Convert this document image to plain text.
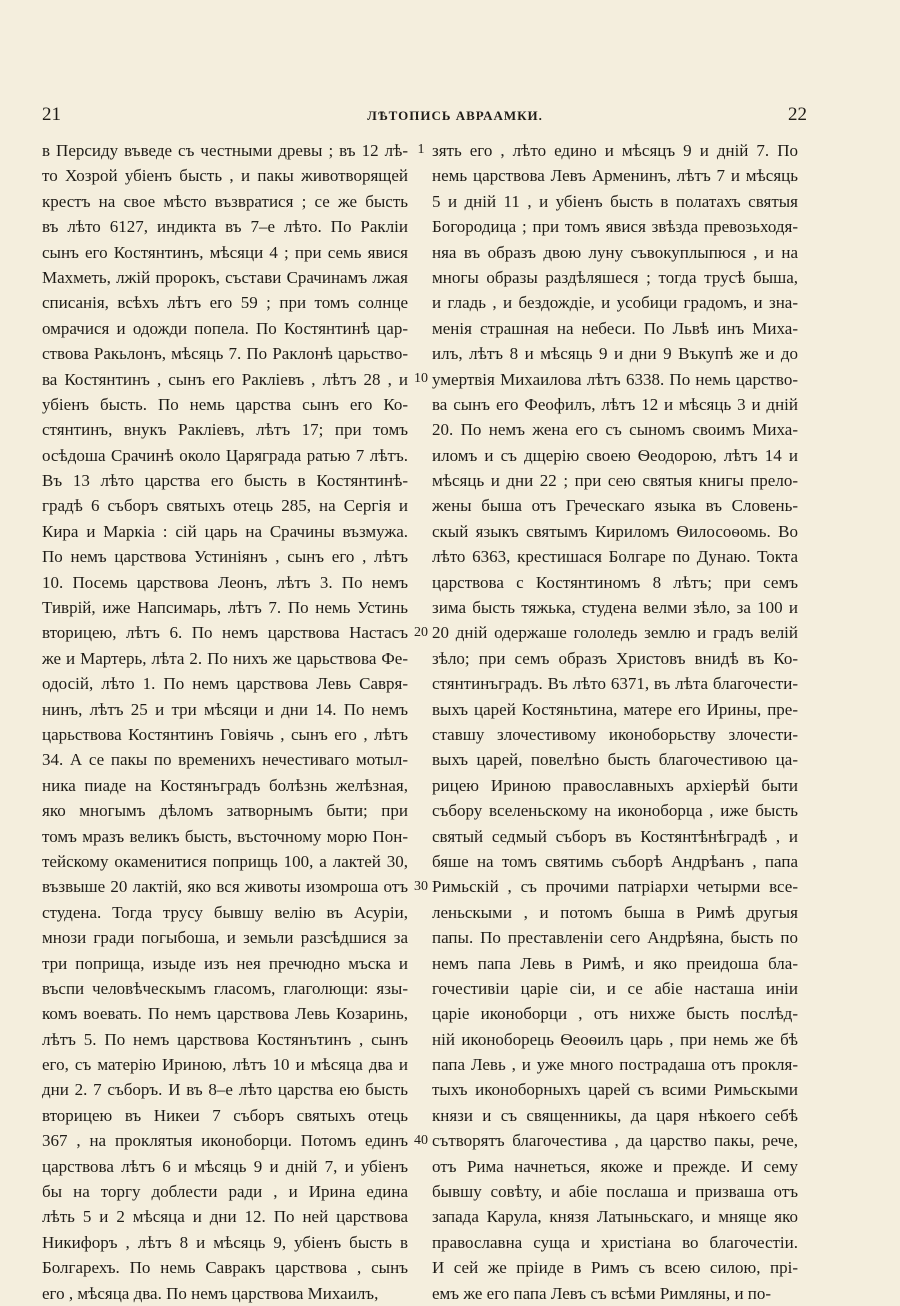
21	ЛѢТОПИСЬ АВРААМКИ.	22
в Персиду въведе съ честными древы ; въ 12 лѣ-
то Хозрой убіенъ бысть , и пакы животворящей
крестъ на свое мѣсто възвратися ; се же бысть
въ лѣто 6127, индикта въ 7–е лѣто. По Ракліи
сынъ его Костянтинъ, мѣсяци 4 ; при семь явися
Махметь, лжій пророкъ, състави Срачинамъ лжая
списанія, всѣхъ лѣтъ его 59 ; при томъ солнце
омрачися и одожди попела. По Костянтинѣ цар-
ствова Ракьлонъ, мѣсяць 7. По Раклонѣ царьство-
ва Костянтинъ , сынъ его Ракліевъ , лѣтъ 28 , и
убіенъ бысть. По немь царства сынъ его Ко-
стянтинъ, внукъ Ракліевъ, лѣтъ 17; при томъ
осѣдоша Срачинѣ около Царяграда ратью 7 лѣтъ.
Въ 13 лѣто царства его бысть в Костянтинѣ-
градѣ 6 съборъ святыхъ отець 285, на Сергія и
Кира и Маркіа : сій царь на Срачины възмужа.
По немъ царствова Устиніянъ , сынъ его , лѣтъ
10. Посемь царствова Леонъ, лѣтъ 3. По немъ
Тиврій, иже Напсимарь, лѣтъ 7. По немь Устинь
вторицею, лѣтъ 6. По немъ царствова Настасъ
же и Мартерь, лѣта 2. По нихъ же царьствова Фе-
одосій, лѣто 1. По немъ царствова Левь Савря-
нинъ, лѣтъ 25 и три мѣсяци и дни 14. По немъ
царьствова Костянтинъ Говіячь , сынъ его , лѣтъ
34. А се пакы по временихъ нечестиваго мотыл-
ника пиаде на Костянъградъ болѣзнь желѣзная,
яко многымъ дѣломъ затворнымъ быти; при
томъ мразъ великъ бысть, въсточному морю Пон-
тейскому окаменитися поприщь 100, а лактей 30,
възвыше 20 лактій, яко вся животы изомроша отъ
студена. Тогда трусу бывшу велію въ Асуріи,
мнози гради погыбоша, и земьли разсѣдшися за
три поприща, изыде изъ нея пречюдно мъска и
въспи человѣческымъ гласомъ, глаголющи: язы-
комъ воевать. По немъ царствова Левь Козаринь,
лѣтъ 5. По немъ царствова Костянътинъ , сынъ
его, съ матерію Ириною, лѣтъ 10 и мѣсяца два и
дни 2. 7 съборъ. И въ 8–е лѣто царства ею бысть
вторицею въ Никеи 7 съборъ святыхъ отець
367 , на проклятыя иконоборци. Потомъ единъ
царствова лѣтъ 6 и мѣсяць 9 и дній 7, и убіенъ
бы на торгу доблести ради , и Ирина едина
лѣть 5 и 2 мѣсяца и дни 12. По ней царствова
Никифоръ , лѣтъ 8 и мѣсяць 9, убіенъ бысть в
Болгарехъ. По немь Савракъ царствова , сынъ
его , мѣсяца два. По немъ царствова Михаилъ,
зять его , лѣто едино и мѣсяцъ 9 и дній 7. По
немь царствова Левъ Арменинъ, лѣтъ 7 и мѣсяць
5 и дній 11 , и убіенъ бысть в полатахъ святыя
Богородица ; при томъ явися звѣзда превозьходя-
няа въ образъ двою луну съвокуплыпюся , и на
многы образы раздѣляшеся ; тогда трусѣ быша,
и гладь , и бездождіе, и усобици градомъ, и зна-
менія страшная на небеси. По Львѣ инъ Миха-
илъ, лѣтъ 8 и мѣсяць 9 и дни 9 Въкупѣ же и до
умертвія Михаилова лѣтъ 6338. По немь царство-
ва сынъ его Феофилъ, лѣтъ 12 и мѣсяць 3 и дній
20. По немъ жена его съ сыномъ своимъ Миха-
иломъ и съ дщерію своею Ѳеодорою, лѣтъ 14 и
мѣсяць и дни 22 ; при сею святыя книгы прело-
жены быша отъ Греческаго языка въ Словень-
скый языкъ святымъ Кириломъ Ѳилосоѳомь. Во
лѣто 6363, крестишася Болгаре по Дунаю. Токта
царствова с Костянтиномъ 8 лѣтъ; при семъ
зима бысть тяжька, студена велми зѣло, за 100 и
20 дній одержаше гололедь землю и градъ велій
зѣло; при семъ образъ Христовъ внидѣ въ Ко-
стянтинъградъ. Въ лѣто 6371, въ лѣта благочести-
выхъ царей Костяньтина, матере его Ирины, пре-
ставшу злочестивому иконоборьству злочести-
выхъ царей, повелѣно бысть благочестивою ца-
рицею Ириною православныхъ архіерѣй быти
събору вселеньскому на иконоборца , иже бысть
святый седмый съборъ въ Костянтѣнѣградѣ , и
бяше на томъ святимь съборѣ Андрѣанъ , папа
Римьскій , съ прочими патріархи четырми все-
леньскыми , и потомъ быша в Римѣ другыя
папы. По преставленіи сего Андрѣяна, бысть по
немъ папа Левь в Римѣ, и яко преидоша бла-
гочестивіи царіе сіи, и се абіе насташа иніи
царіе иконоборци , отъ нихже бысть послѣд-
ній иконоборець Ѳеоѳилъ царь , при немь же бѣ
папа Левь , и уже много пострадаша отъ прокля-
тыхъ иконоборныхъ царей съ всими Римьскыми
князи и съ священникы, да царя нѣкоего себѣ
сътворятъ благочестива , да царство пакы, рече,
отъ Рима начнеться, якоже и прежде. И сему
бывшу совѣту, и абіе послаша и призваша отъ
запада Карула, князя Латыньскаго, и мняще яко
православна суща и христіана во благочестіи.
И сей же пріиде в Римъ съ всею силою, прі-
емъ же его папа Левъ съ всѣми Римляны, и по-
1
10
20
30
40
